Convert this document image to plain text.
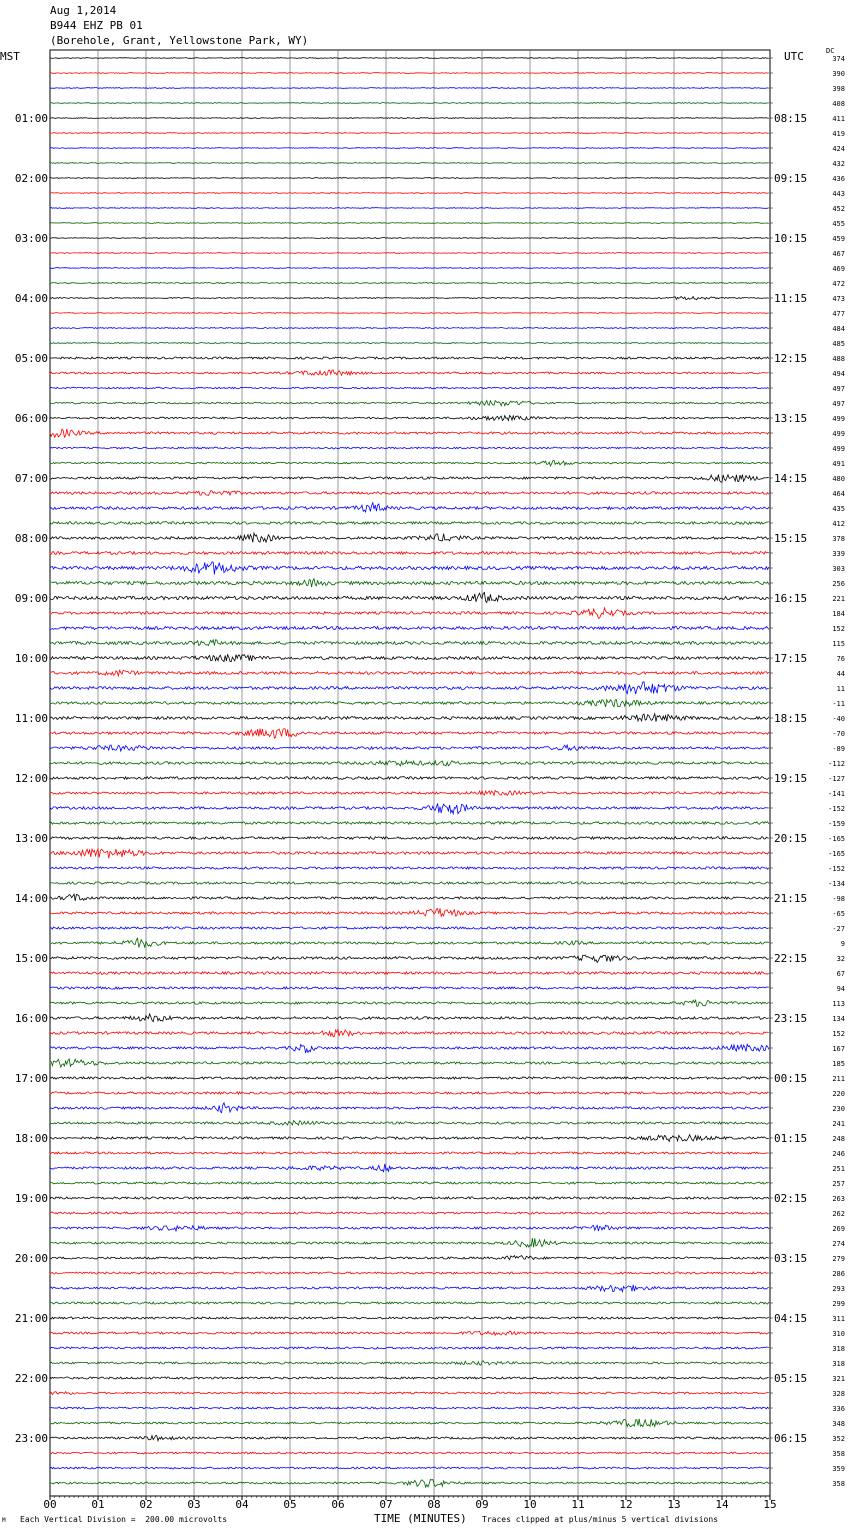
00	01	02	03	04	05	06	07	08	09	10	11	12	13	14	15
374
390
398
408
411
419
424
432
436
443
452
455
459
467
469
472
473
477
484
485
488
494
497
497
499
499
499
491
480
464
435
412
378
339
303
256
221
184
152
115
76
44
11
-11
-40
-70
-89
-112
-127
-141
-152
-159
-165
-165
-152
-134
-98
-65
-27
9
32
67
94
113
134
152
167
185
211
220
230
241
248
246
251
257
263
262
269
274
279
286
293
299
311
310
318
318
321
328
336
348
352
358
359
358
01:00	08:15
02:00	09:15
03:00	10:15
04:00	11:15
05:00	12:15
06:00	13:15
07:00	14:15
08:00	15:15
09:00	16:15
10:00	17:15
11:00	18:15
12:00	19:15
13:00	20:15
14:00	21:15
15:00	22:15
16:00	23:15
17:00	00:15
18:00	01:15
19:00	02:15
20:00	03:15
21:00	04:15
22:00	05:15
23:00	06:15
Aug 1,2014
B944 EHZ PB 01
(Borehole, Grant, Yellowstone Park, WY)
MST	UTC	DC
M Each Vertical Division =  200.00 microvolts	TIME (MINUTES) Traces clipped at plus/minus 5 vertical divisions
